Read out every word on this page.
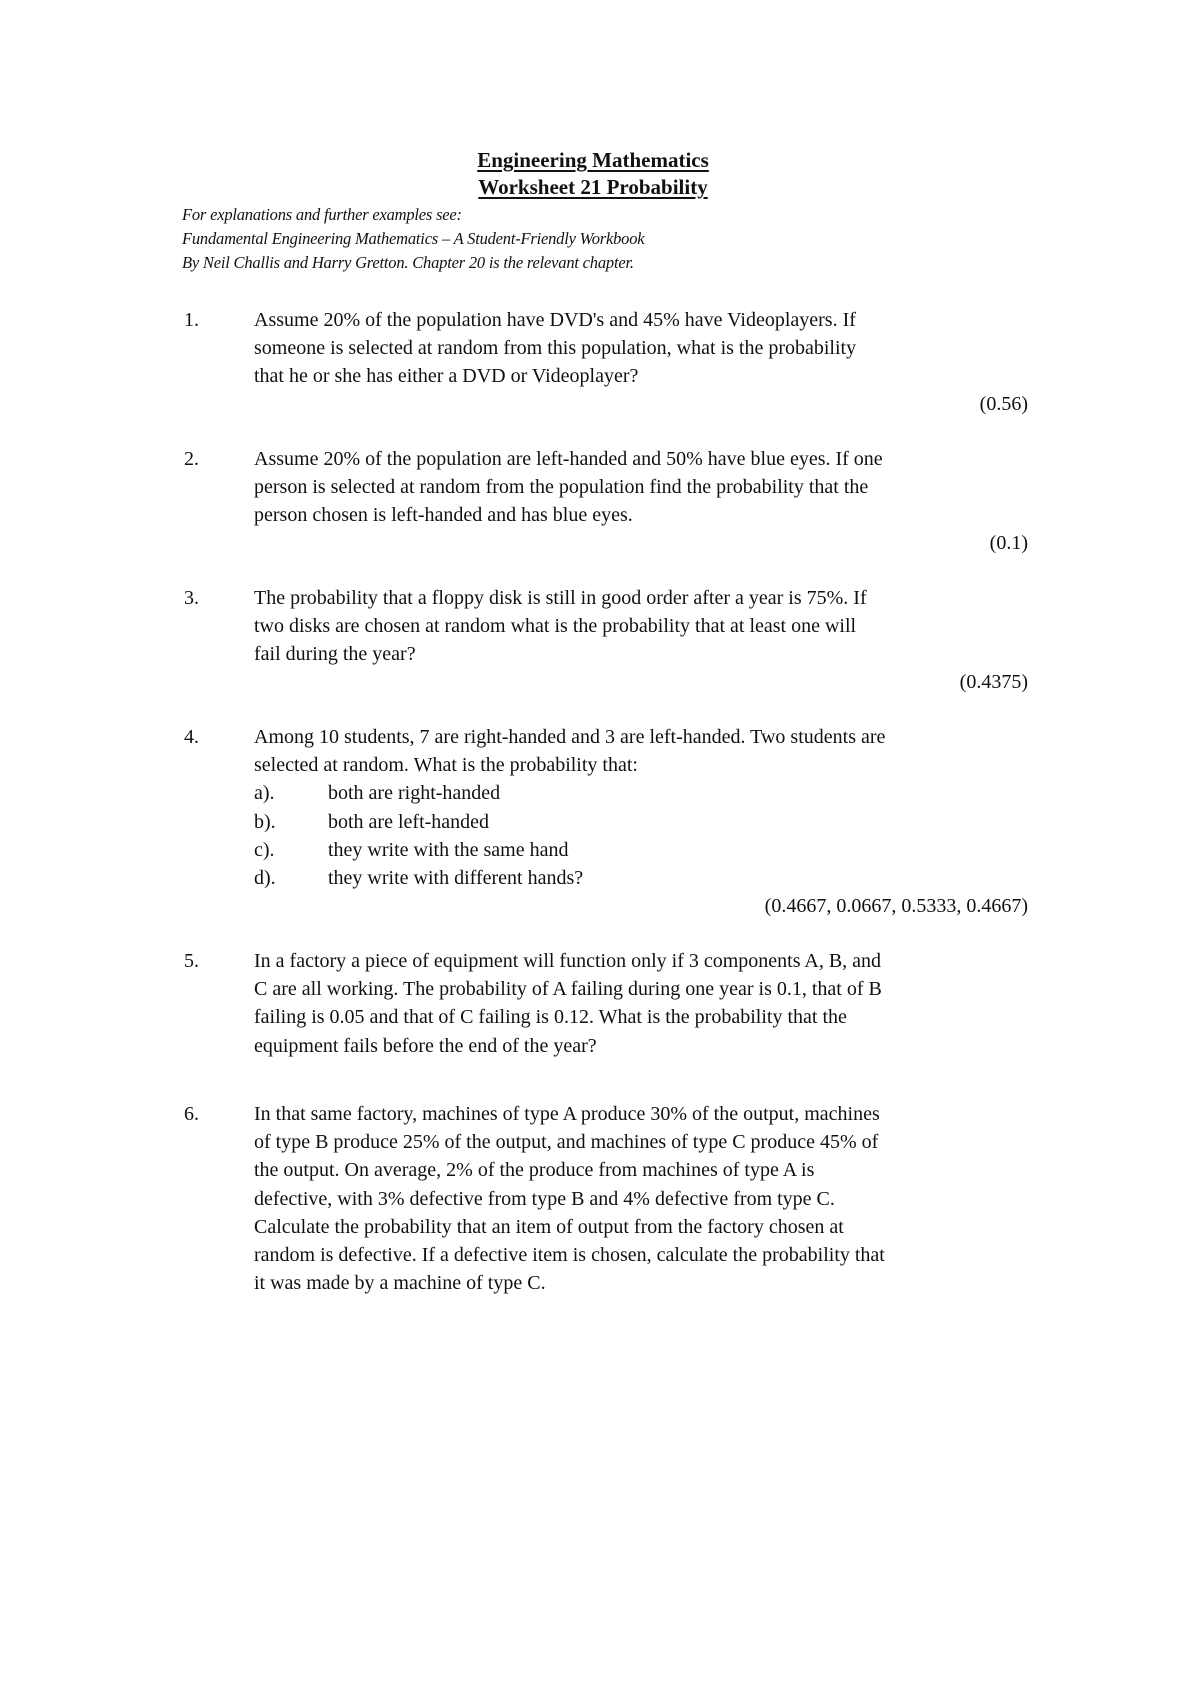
Engineering Mathematics
Worksheet 21 Probability
For explanations and further examples see:
Fundamental Engineering Mathematics – A Student-Friendly Workbook
By Neil Challis and Harry Gretton. Chapter 20 is the relevant chapter.
1.	Assume 20% of the population have DVD's and 45% have Videoplayers. If
someone is selected at random from this population, what is the probability
that he or she has either a DVD or Videoplayer?
(0.56)
2.	Assume 20% of the population are left-handed and 50% have blue eyes. If one
person is selected at random from the population find the probability that the
person chosen is left-handed and has blue eyes.
(0.1)
3.	The probability that a floppy disk is still in good order after a year is 75%. If
two disks are chosen at random what is the probability that at least one will
fail during the year?
(0.4375)
4.	Among 10 students, 7 are right-handed and 3 are left-handed. Two students are
selected at random. What is the probability that:
a).	both are right-handed
b).	both are left-handed
c).	they write with the same hand
d).	they write with different hands?
(0.4667, 0.0667, 0.5333, 0.4667)
5.	In a factory a piece of equipment will function only if 3 components A, B, and
C are all working. The probability of A failing during one year is 0.1, that of B
failing is 0.05 and that of C failing is 0.12. What is the probability that the
equipment fails before the end of the year?
6.	In that same factory, machines of type A produce 30% of the output, machines
of type B produce 25% of the output, and machines of type C produce 45% of
the output. On average, 2% of the produce from machines of type A is
defective, with 3% defective from type B and 4% defective from type C.
Calculate the probability that an item of output from the factory chosen at
random is defective. If a defective item is chosen, calculate the probability that
it was made by a machine of type C.
